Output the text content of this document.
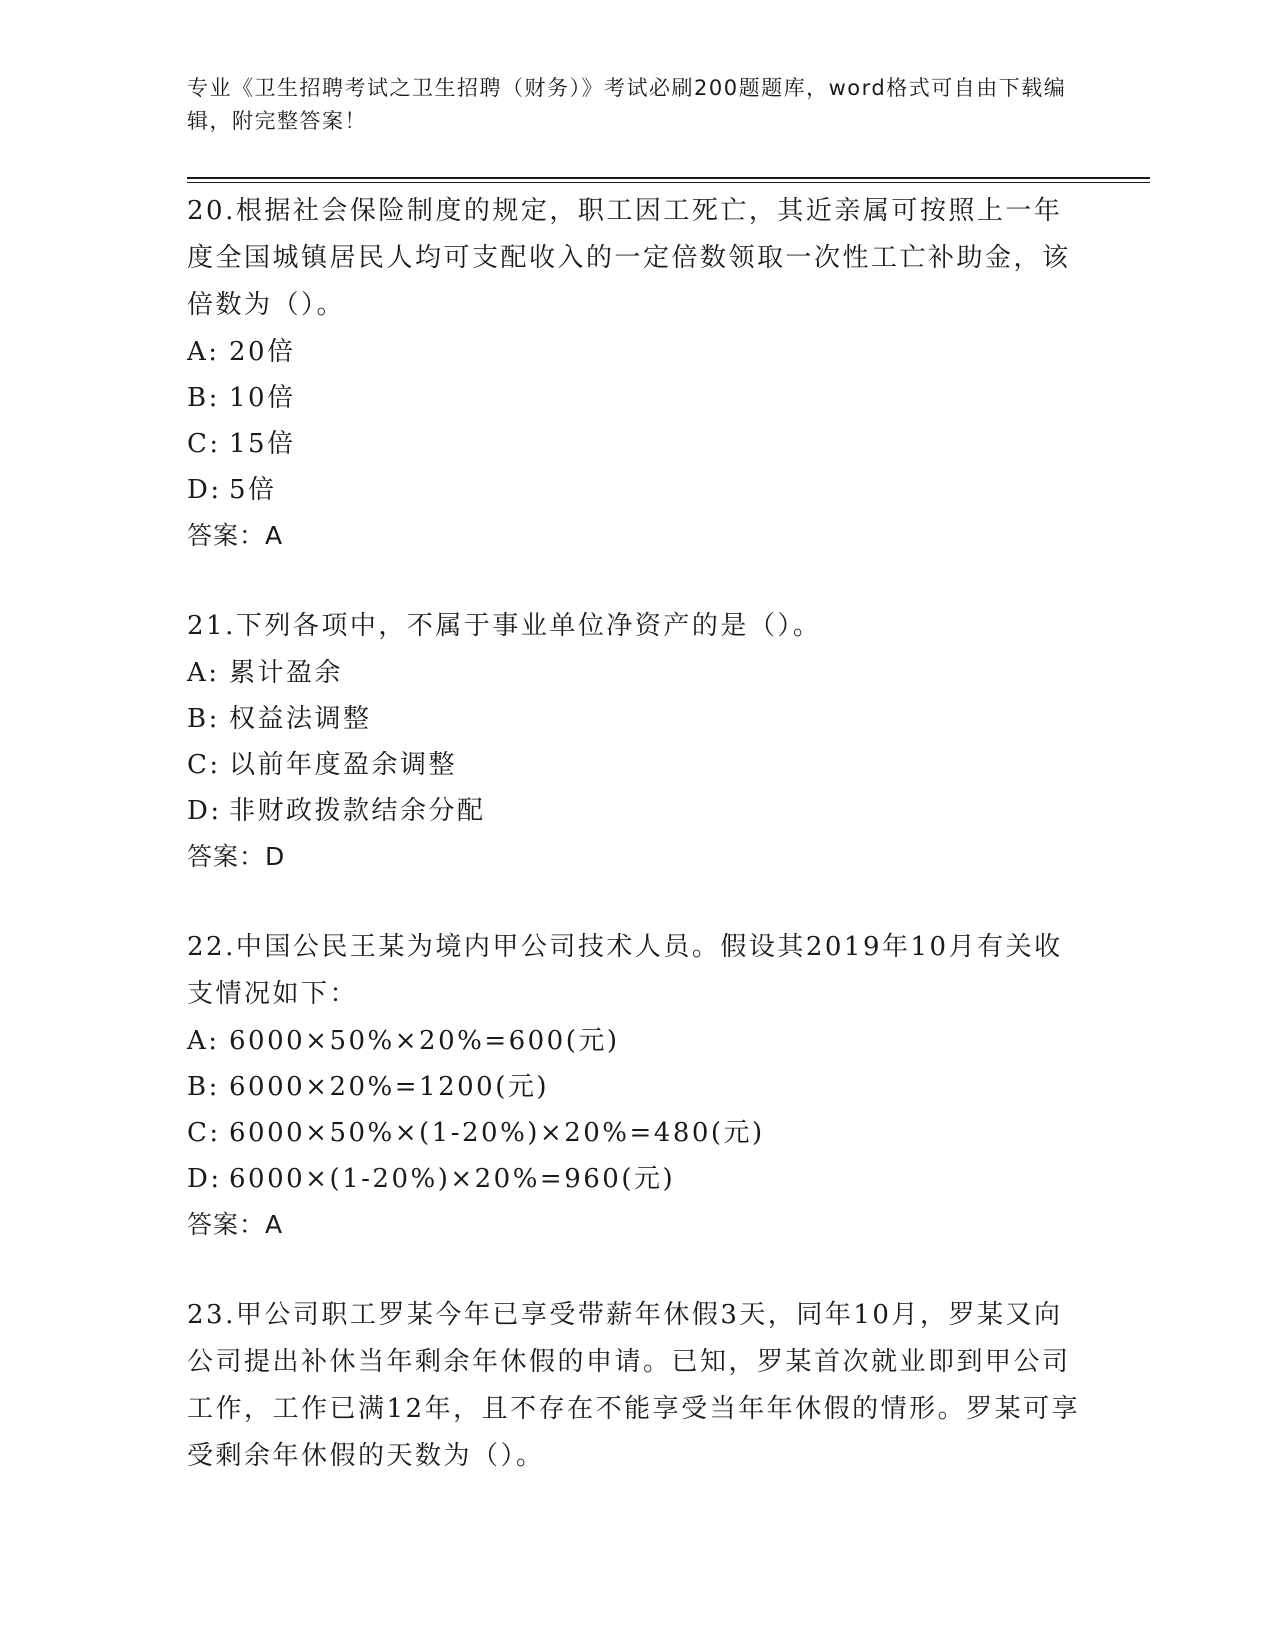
专业《卫生招聘考试之卫生招聘（财务）》考试必刷200题题库，word格式可自由下载编辑，附完整答案！
20.根据社会保险制度的规定，职工因工死亡，其近亲属可按照上一年度全国城镇居民人均可支配收入的一定倍数领取一次性工亡补助金，该倍数为（）。
A: 20倍
B: 10倍
C: 15倍
D: 5倍
答案：A
21.下列各项中，不属于事业单位净资产的是（）。
A: 累计盈余
B: 权益法调整
C: 以前年度盈余调整
D: 非财政拨款结余分配
答案：D
22.中国公民王某为境内甲公司技术人员。假设其2019年10月有关收支情况如下：
A: 6000×50%×20%=600(元)
B: 6000×20%=1200(元)
C: 6000×50%×(1-20%)×20%=480(元)
D: 6000×(1-20%)×20%=960(元)
答案：A
23.甲公司职工罗某今年已享受带薪年休假3天，同年10月，罗某又向公司提出补休当年剩余年休假的申请。已知，罗某首次就业即到甲公司工作，工作已满12年，且不存在不能享受当年年休假的情形。罗某可享受剩余年休假的天数为（）。
